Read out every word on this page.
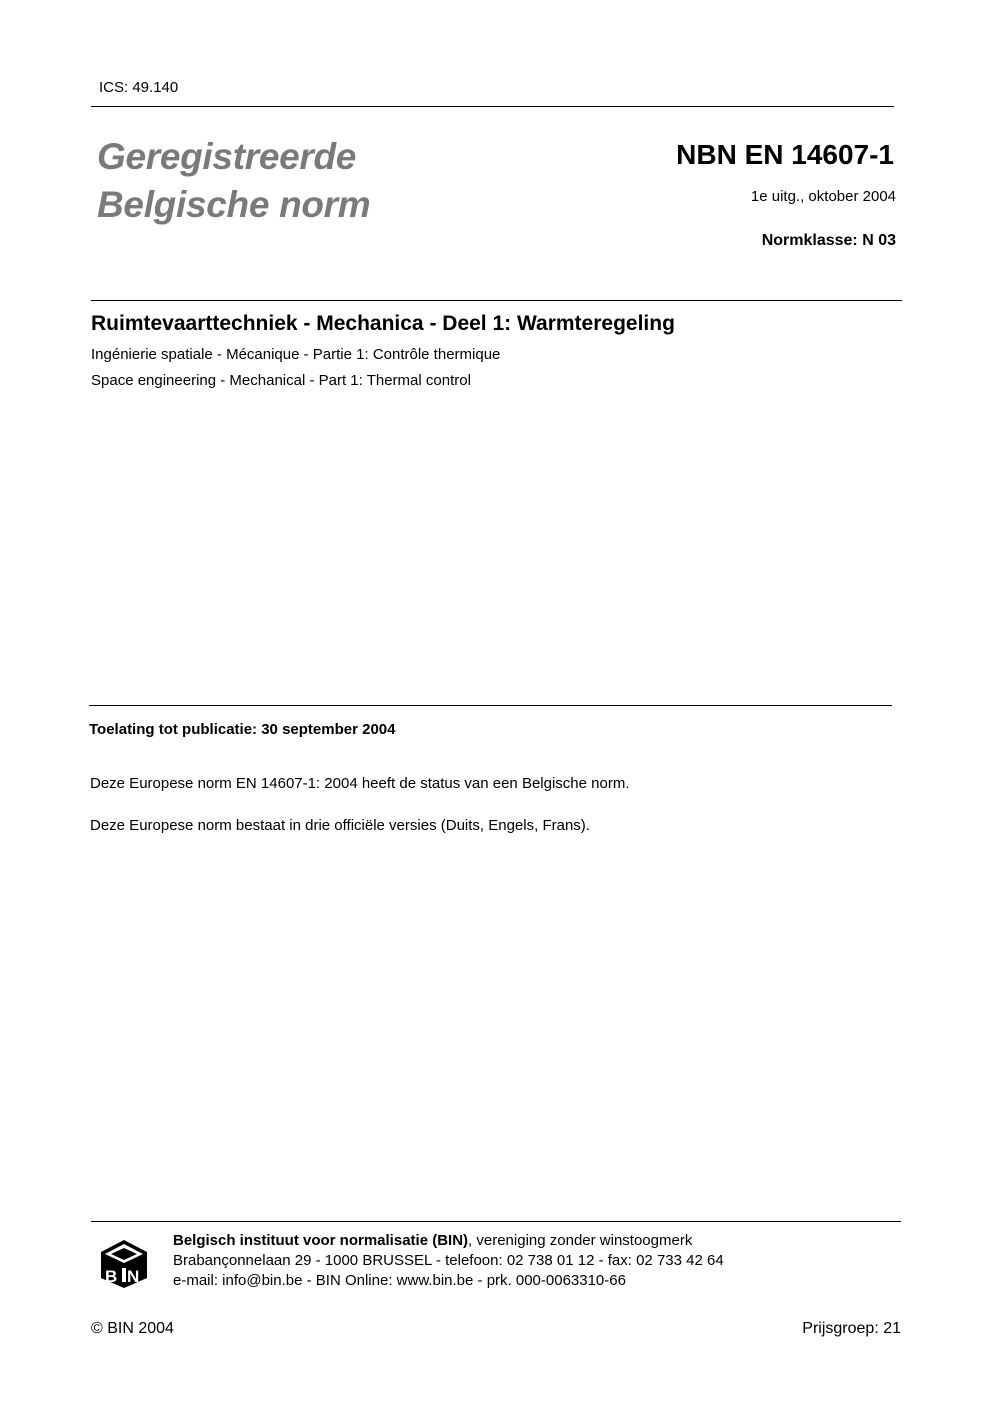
ICS: 49.140
Geregistreerde
Belgische norm
NBN EN 14607-1
1e uitg., oktober 2004
Normklasse: N 03
Ruimtevaarttechniek - Mechanica - Deel 1: Warmteregeling
Ingénierie spatiale - Mécanique - Partie 1: Contrôle thermique
Space engineering - Mechanical - Part 1: Thermal control
Toelating tot publicatie: 30 september 2004
Deze Europese norm EN 14607-1: 2004 heeft de status van een Belgische norm.
Deze Europese norm bestaat in drie officiële versies (Duits, Engels, Frans).
B N
Belgisch instituut voor normalisatie (BIN), vereniging zonder winstoogmerk
Brabançonnelaan 29 - 1000 BRUSSEL - telefoon: 02 738 01 12 - fax: 02 733 42 64
e-mail: info@bin.be - BIN Online: www.bin.be - prk. 000-0063310-66
© BIN 2004	Prijsgroep: 21
